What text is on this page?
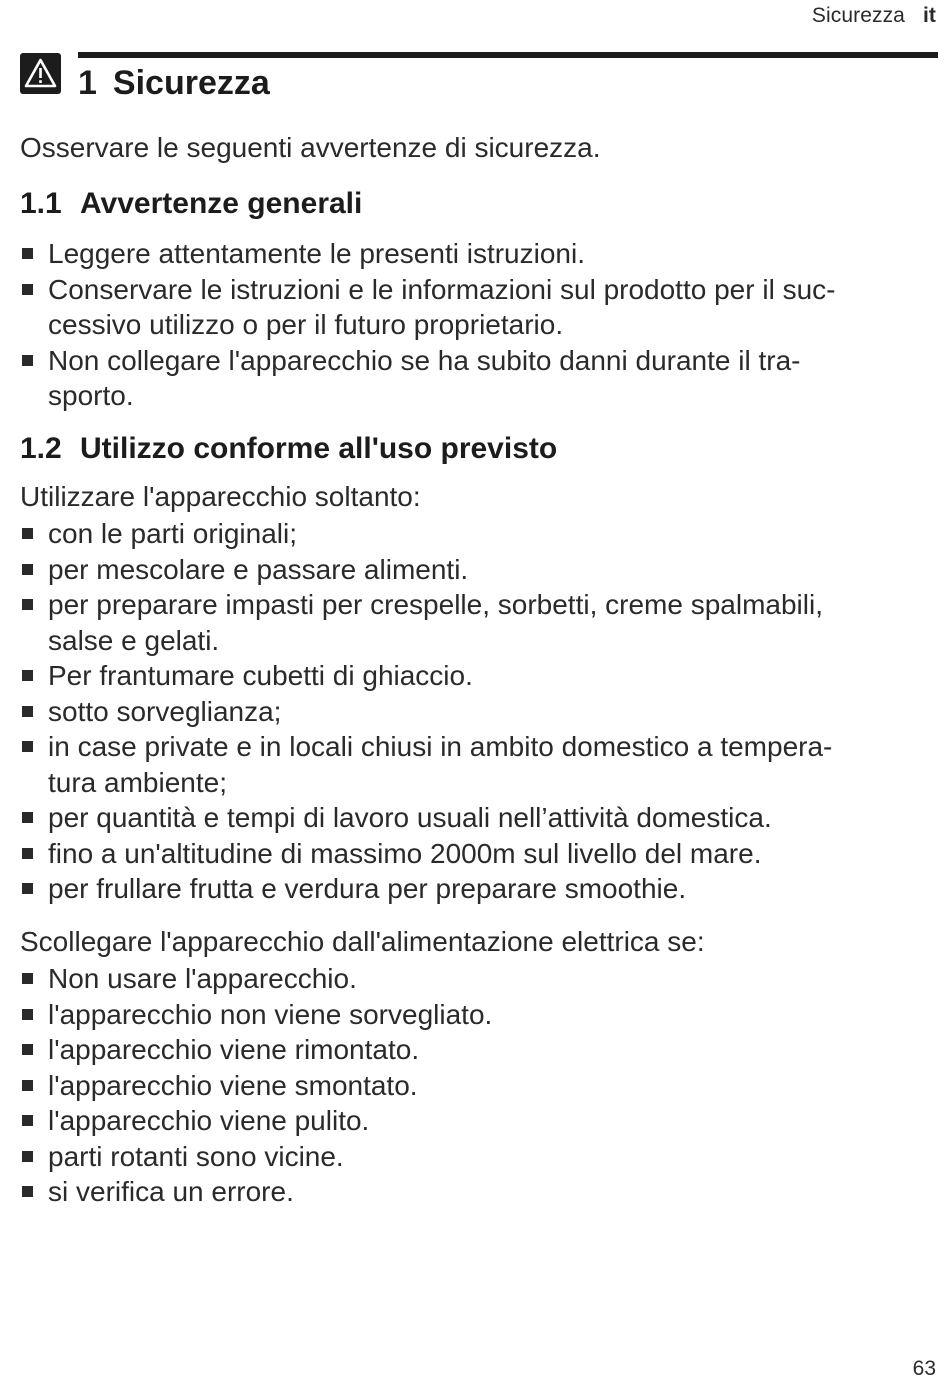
Sicurezza it
1 Sicurezza

Osservare le seguenti avvertenze di sicurezza.

1.1 Avvertenze generali
Leggere attentamente le presenti istruzioni.
Conservare le istruzioni e le informazioni sul prodotto per il suc-
cessivo utilizzo o per il futuro proprietario.
Non collegare l'apparecchio se ha subito danni durante il tra-
sporto.
1.2 Utilizzo conforme all'uso previsto

Utilizzare l'apparecchio soltanto:

con le parti originali;
per mescolare e passare alimenti.
per preparare impasti per crespelle, sorbetti, creme spalmabili,
salse e gelati.
Per frantumare cubetti di ghiaccio.
sotto sorveglianza;
in case private e in locali chiusi in ambito domestico a tempera-
tura ambiente;
per quantità e tempi di lavoro usuali nell’attività domestica.
fino a un'altitudine di massimo 2000m sul livello del mare.
per frullare frutta e verdura per preparare smoothie.

Scollegare l'apparecchio dall'alimentazione elettrica se:

Non usare l'apparecchio.
l'apparecchio non viene sorvegliato.
l'apparecchio viene rimontato.
l'apparecchio viene smontato.
l'apparecchio viene pulito.
parti rotanti sono vicine.
si verifica un errore.
63
